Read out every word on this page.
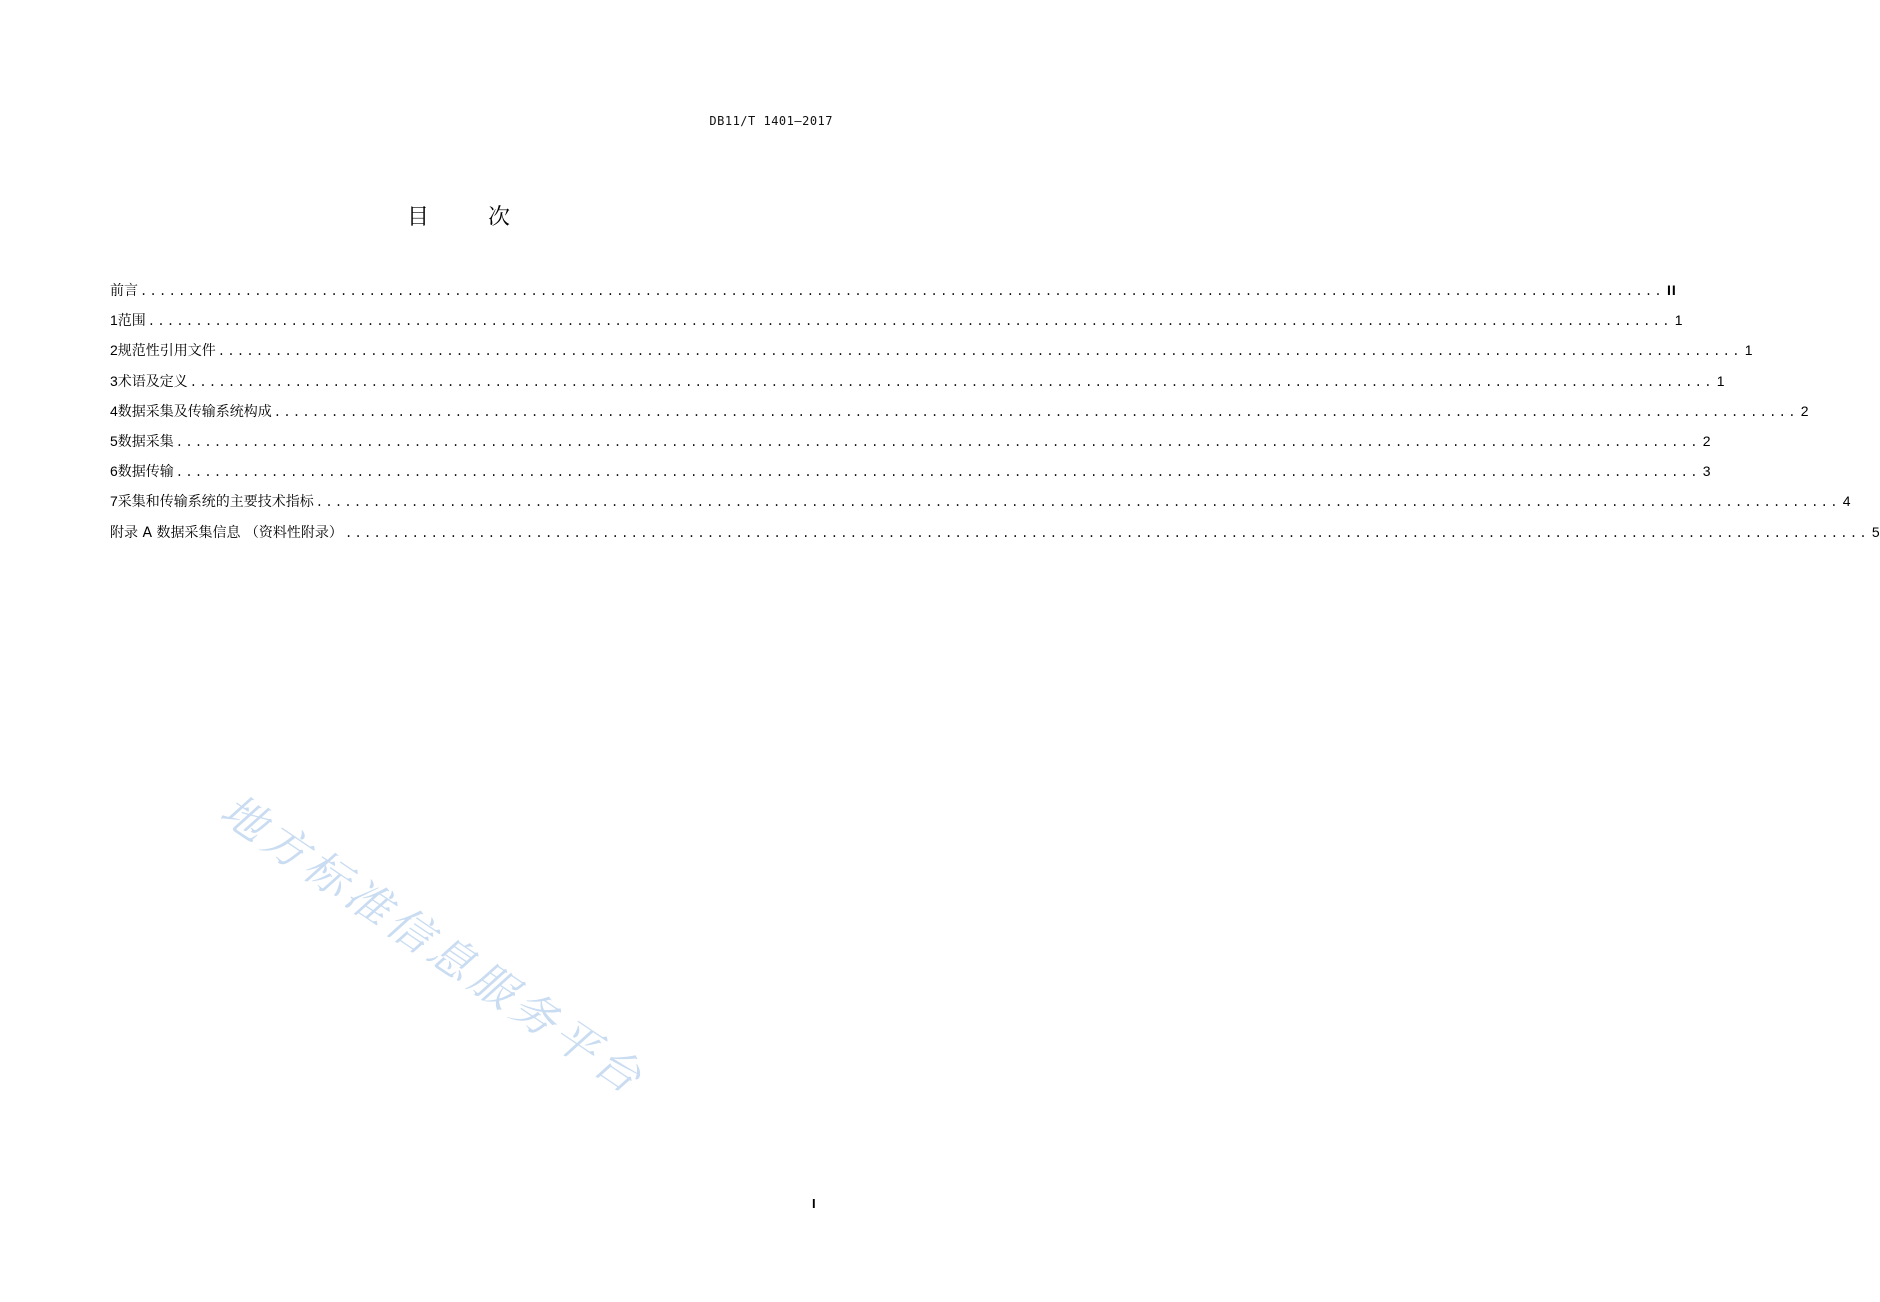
DB11/T 1401—2017
目 次
前言 ................................................................................................................................................................ II
1 范围 ................................................................................................................................................................ 1
2 规范性引用文件 ................................................................................................................................................................ 1
3 术语及定义 ................................................................................................................................................................ 1
4 数据采集及传输系统构成 ................................................................................................................................................................ 2
5 数据采集 ................................................................................................................................................................ 2
6 数据传输 ................................................................................................................................................................ 3
7 采集和传输系统的主要技术指标 ................................................................................................................................................................ 4
附录 A 数据采集信息 （资料性附录） ................................................................................................................................................................ 5
地方标准信息服务平台
I
